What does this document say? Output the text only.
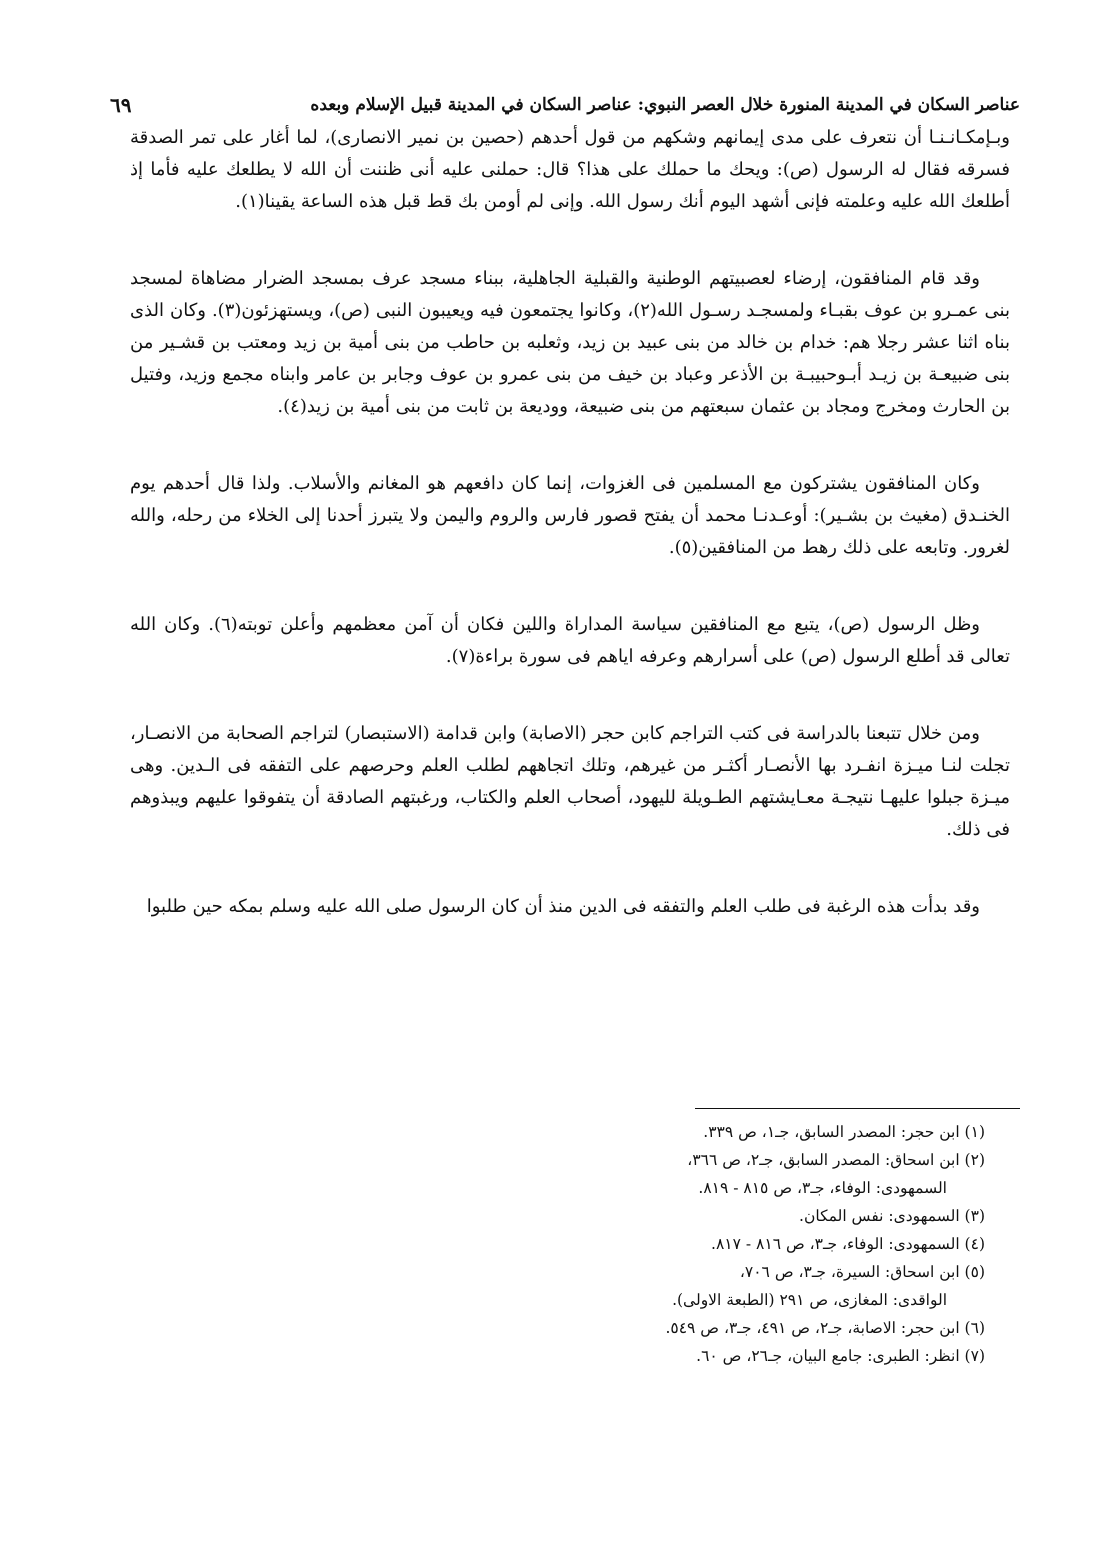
عناصر السكان في المدينة المنورة خلال العصر النبوي: عناصر السكان في المدينة قبيل الإسلام وبعده
٦٩

وبـإمكـانـنـا أن نتعرف على مدى إيمانهم وشكهم من قول أحدهم (حصين بن نمير الانصارى)، لما أغار على تمر الصدقة فسرقه فقال له الرسول (ص): ويحك ما حملك على هذا؟ قال: حملنى عليه أنى ظننت أن الله لا يطلعك عليه فأما إذ أطلعك الله عليه وعلمته فإنى أشهد اليوم أنك رسول الله. وإنى لم أومن بك قط قبل هذه الساعة يقينا(١).

وقد قام المنافقون، إرضاء لعصبيتهم الوطنية والقبلية الجاهلية، ببناء مسجد عرف بمسجد الضرار مضاهاة لمسجد بنى عمـرو بن عوف بقبـاء ولمسجـد رسـول الله(٢)، وكانوا يجتمعون فيه ويعيبون النبى (ص)، ويستهزئون(٣). وكان الذى بناه اثنا عشر رجلا هم: خدام بن خالد من بنى عبيد بن زيد، وثعلبه بن حاطب من بنى أمية بن زيد ومعتب بن قشـير من بنى ضبيعـة بن زيـد أبـوحبيبـة بن الأذعر وعباد بن خيف من بنى عمرو بن عوف وجابر بن عامر وابناه مجمع وزيد، وفتيل بن الحارث ومخرج ومجاد بن عثمان سبعتهم من بنى ضبيعة، ووديعة بن ثابت من بنى أمية بن زيد(٤).

وكان المنافقون يشتركون مع المسلمين فى الغزوات، إنما كان دافعهم هو المغانم والأسلاب. ولذا قال أحدهم يوم الخنـدق (مغيث بن بشـير): أوعـدنـا محمد أن يفتح قصور فارس والروم واليمن ولا يتبرز أحدنا إلى الخلاء من رحله، والله لغرور. وتابعه على ذلك رهط من المنافقين(٥).

وظل الرسول (ص)، يتبع مع المنافقين سياسة المداراة واللين فكان أن آمن معظمهم وأعلن توبته(٦). وكان الله تعالى قد أطلع الرسول (ص) على أسرارهم وعرفه اياهم فى سورة براءة(٧).

ومن خلال تتبعنا بالدراسة فى كتب التراجم كابن حجر (الاصابة) وابن قدامة (الاستبصار) لتراجم الصحابة من الانصـار، تجلت لنـا ميـزة انفـرد بها الأنصـار أكثـر من غيرهم، وتلك اتجاههم لطلب العلم وحرصهم على التفقه فى الـدين. وهى ميـزة جبلوا عليهـا نتيجـة معـايشتهم الطـويلة لليهود، أصحاب العلم والكتاب، ورغبتهم الصادقة أن يتفوقوا عليهم ويبذوهم فى ذلك.

وقد بدأت هذه الرغبة فى طلب العلم والتفقه فى الدين منذ أن كان الرسول صلى الله عليه وسلم بمكه حين طلبوا

(١) ابن حجر: المصدر السابق، جـ١، ص ٣٣٩.
(٢) ابن اسحاق: المصدر السابق، جـ٢، ص ٣٦٦،
السمهودى: الوفاء، جـ٣، ص ٨١٥ - ٨١٩.
(٣) السمهودى: نفس المكان.
(٤) السمهودى: الوفاء، جـ٣، ص ٨١٦ - ٨١٧.
(٥) ابن اسحاق: السيرة، جـ٣، ص ٧٠٦،
الواقدى: المغازى، ص ٢٩١ (الطبعة الاولى).
(٦) ابن حجر: الاصابة، جـ٢، ص ٤٩١، جـ٣، ص ٥٤٩.
(٧) انظر: الطبرى: جامع البيان، جـ٢٦، ص ٦٠.
